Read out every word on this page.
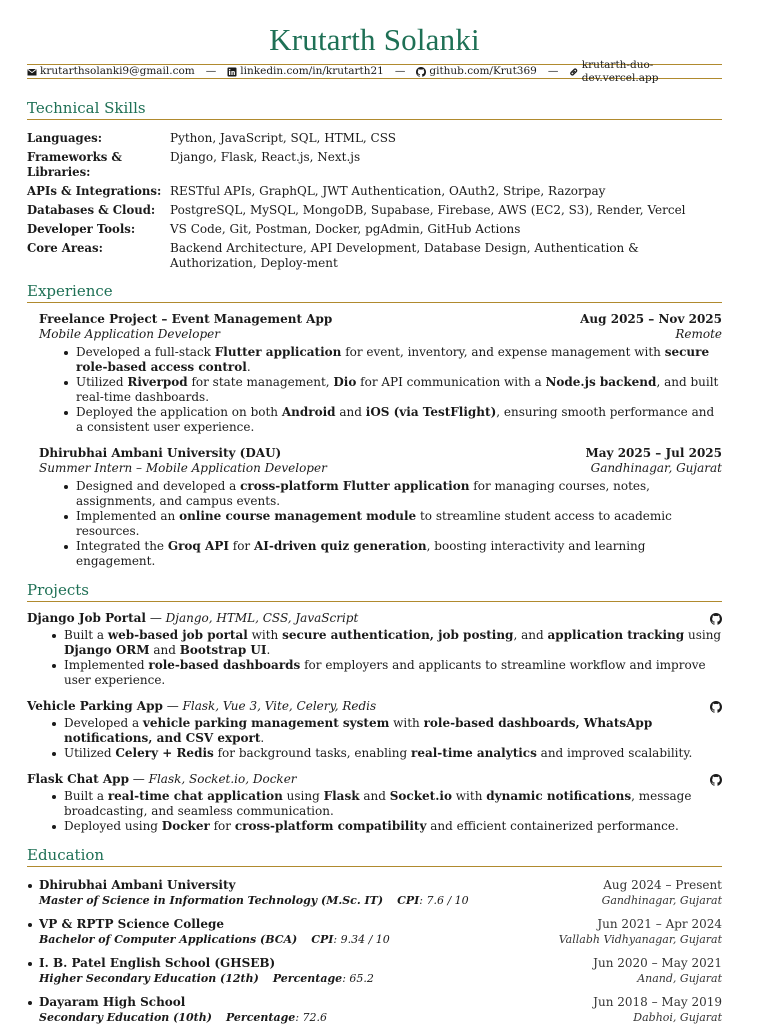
Krutarth Solanki
krutarthsolanki9@gmail.com — linkedin.com/in/krutarth21 — github.com/Krut369 —
krutarth-duo-dev.vercel.app
Technical Skills
Languages:	Python, JavaScript, SQL, HTML, CSS
Frameworks & Libraries:
Django, Flask, React.js, Next.js
APIs & Integrations: RESTful APIs, GraphQL, JWT Authentication, OAuth2, Stripe, Razorpay
Databases & Cloud:	PostgreSQL, MySQL, MongoDB, Supabase, Firebase, AWS (EC2, S3), Render, Vercel
Developer Tools:	VS Code, Git, Postman, Docker, pgAdmin, GitHub Actions
Core Areas:	Backend Architecture, API Development, Database Design, Authentication & Authorization, Deploy-ment
Experience
Freelance Project – Event Management App	Aug 2025 – Nov 2025
Mobile Application Developer	Remote
Developed a full-stack Flutter application for event, inventory, and expense management with secure role-based access control.
Utilized Riverpod for state management, Dio for API communication with a Node.js backend, and built real-time dashboards.
Deployed the application on both Android and iOS (via TestFlight), ensuring smooth performance and a consistent user experience.
Dhirubhai Ambani University (DAU)	May 2025 – Jul 2025
Summer Intern – Mobile Application Developer	Gandhinagar, Gujarat
Designed and developed a cross-platform Flutter application for managing courses, notes, assignments, and campus events.
Implemented an online course management module to streamline student access to academic resources.
Integrated the Groq API for AI-driven quiz generation, boosting interactivity and learning engagement.
Projects
Django Job Portal — Django, HTML, CSS, JavaScript
Built a web-based job portal with secure authentication, job posting, and application tracking using Django ORM and Bootstrap UI.
Implemented role-based dashboards for employers and applicants to streamline workflow and improve user experience.
Vehicle Parking App — Flask, Vue 3, Vite, Celery, Redis
Developed a vehicle parking management system with role-based dashboards, WhatsApp notifications, and CSV export.
Utilized Celery + Redis for background tasks, enabling real-time analytics and improved scalability.
Flask Chat App — Flask, Socket.io, Docker
Built a real-time chat application using Flask and Socket.io with dynamic notifications, message broadcasting, and seamless communication.
Deployed using Docker for cross-platform compatibility and efficient containerized performance.
Education
Dhirubhai Ambani University	Aug 2024 – Present
Master of Science in Information Technology (M.Sc. IT) CPI: 7.6 / 10	Gandhinagar, Gujarat
VP & RPTP Science College	Jun 2021 – Apr 2024
Bachelor of Computer Applications (BCA) CPI: 9.34 / 10	Vallabh Vidhyanagar, Gujarat
I. B. Patel English School (GHSEB)	Jun 2020 – May 2021
Higher Secondary Education (12th) Percentage: 65.2	Anand, Gujarat
Dayaram High School	Jun 2018 – May 2019
Secondary Education (10th) Percentage: 72.6	Dabhoi, Gujarat
